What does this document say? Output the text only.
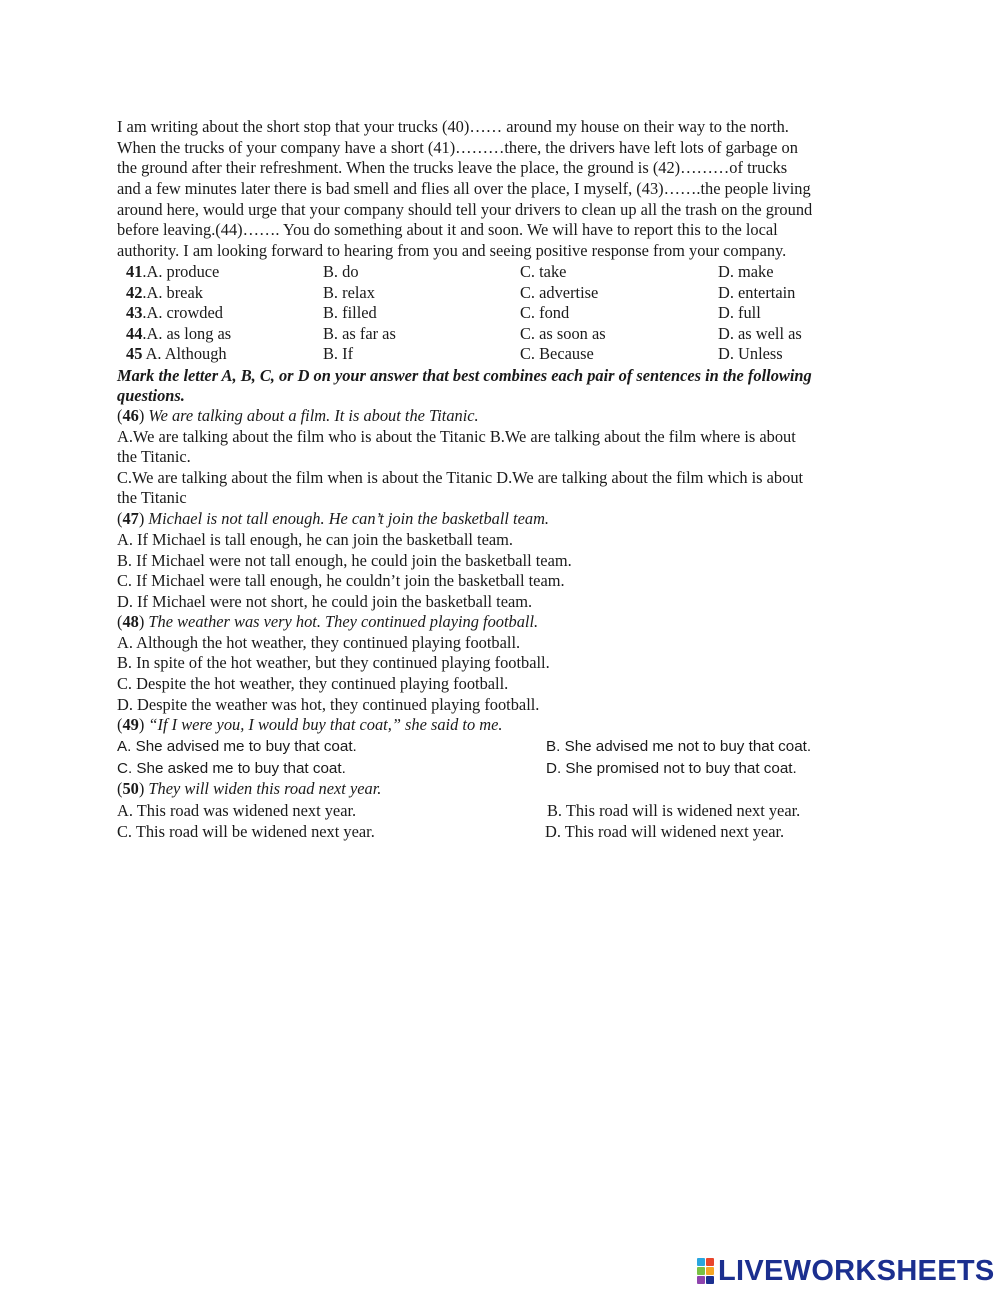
I am writing about the short stop that your trucks (40)…… around my house on their way to the north.
When the trucks of your company have a short (41)………there, the drivers have left lots of garbage on
the ground after their refreshment. When the trucks leave the place, the ground is (42)………of trucks
and a few minutes later there is bad smell and flies all over the place, I myself, (43)…….the people living
around here, would urge that your company should tell your drivers to clean up all the trash on the ground
before leaving.(44)……. You do something about it and soon. We will have to report this to the local
authority. I am looking forward to hearing from you and seeing positive response from your company.
41.A. produce	B. do	C. take	D. make
42.A. break	B. relax	C. advertise	D. entertain
43.A. crowded	B. filled	C. fond	D. full
44.A. as long as	B. as far as	C. as soon as	D. as well as
45 A. Although	B. If	C. Because	D. Unless
Mark the letter A, B, C, or D on your answer that best combines each pair of sentences in the following
questions.
(46) We are talking about a film. It is about the Titanic.
A.We are talking about the film who is about the Titanic B.We are talking about the film where is about
the Titanic.
C.We are talking about the film when is about the Titanic D.We are talking about the film which is about
the Titanic
(47) Michael is not tall enough. He can’t join the basketball team.
A. If Michael is tall enough, he can join the basketball team.
B. If Michael were not tall enough, he could join the basketball team.
C. If Michael were tall enough, he couldn’t join the basketball team.
D. If Michael were not short, he could join the basketball team.
(48) The weather was very hot. They continued playing football.
A. Although the hot weather, they continued playing football.
B. In spite of the hot weather, but they continued playing football.
C. Despite the hot weather, they continued playing football.
D. Despite the weather was hot, they continued playing football.
(49) “If I were you, I would buy that coat,” she said to me.
A. She advised me to buy that coat.	B. She advised me not to buy that coat.
C. She asked me to buy that coat.	D. She promised not to buy that coat.
(50) They will widen this road next year.
A. This road was widened next year.	B. This road will is widened next year.
C. This road will be widened next year.	D. This road will widened next year.
LIVEWORKSHEETS
